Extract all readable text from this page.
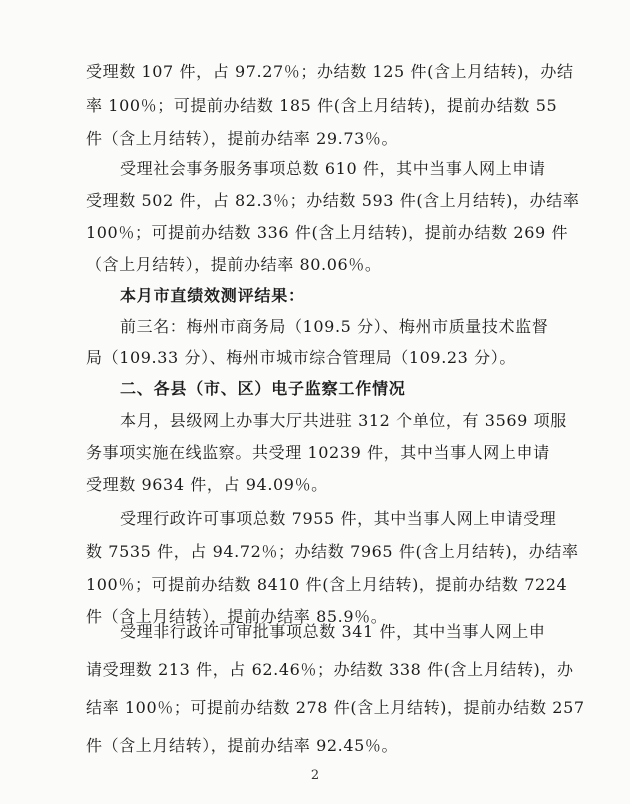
受理数 107 件，占 97.27％；办结数 125 件(含上月结转)，办结
率 100％；可提前办结数 185 件(含上月结转)，提前办结数 55
件（含上月结转），提前办结率 29.73％。
受理社会事务服务事项总数 610 件，其中当事人网上申请
受理数 502 件，占 82.3％；办结数 593 件(含上月结转)，办结率
100％；可提前办结数 336 件(含上月结转)，提前办结数 269 件
（含上月结转），提前办结率 80.06％。
本月市直绩效测评结果：
前三名：梅州市商务局（109.5 分）、梅州市质量技术监督
局（109.33 分）、梅州市城市综合管理局（109.23 分）。
二、各县（市、区）电子监察工作情况
本月，县级网上办事大厅共进驻 312 个单位，有 3569 项服
务事项实施在线监察。共受理 10239 件，其中当事人网上申请
受理数 9634 件，占 94.09％。
受理行政许可事项总数 7955 件，其中当事人网上申请受理
数 7535 件，占 94.72％；办结数 7965 件(含上月结转)，办结率
100％；可提前办结数 8410 件(含上月结转)，提前办结数 7224
件（含上月结转），提前办结率 85.9％。
受理非行政许可审批事项总数 341 件，其中当事人网上申
请受理数 213 件，占 62.46％；办结数 338 件(含上月结转)，办
结率 100％；可提前办结数 278 件(含上月结转)，提前办结数 257
件（含上月结转），提前办结率 92.45％。
2
